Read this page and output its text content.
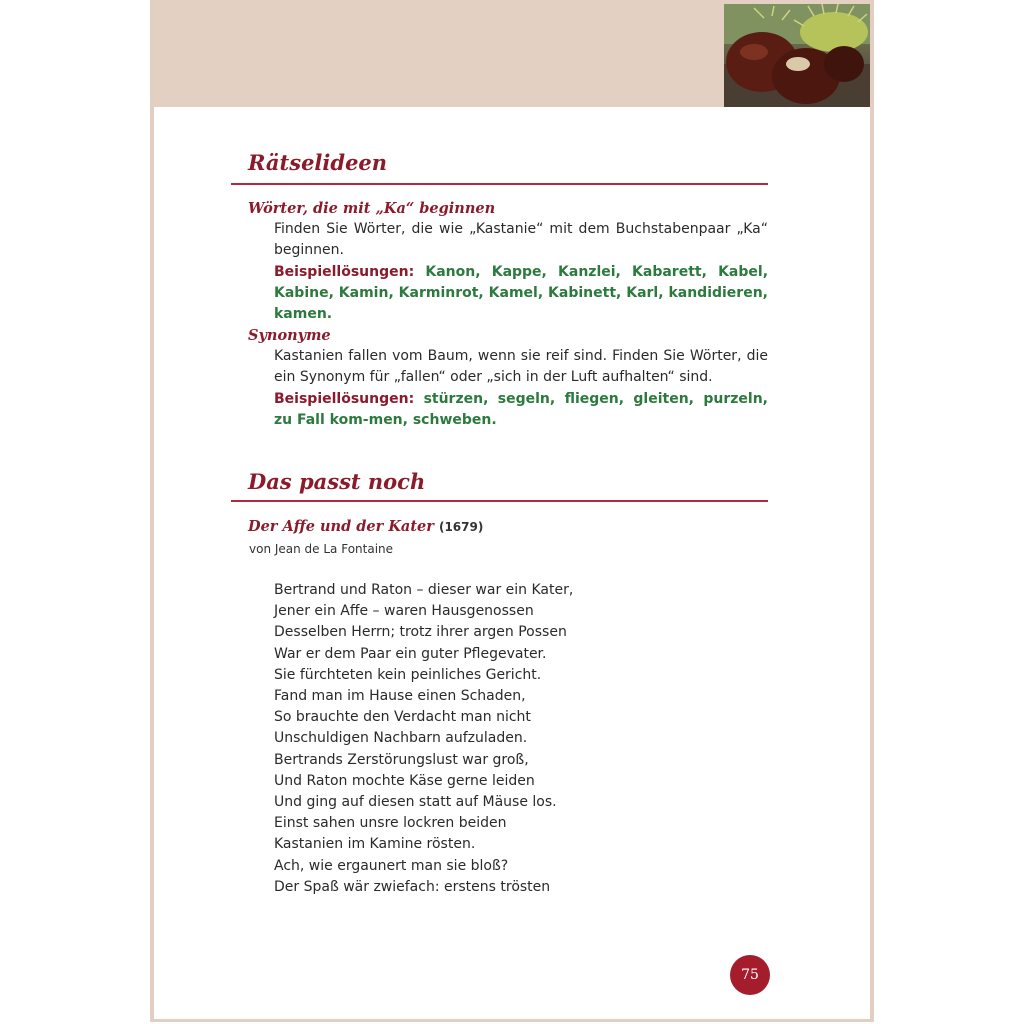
Rätselideen
Wörter, die mit „Ka“ beginnen

Finden Sie Wörter, die wie „Kastanie“ mit dem Buchstabenpaar „Ka“ beginnen.

Beispiellösungen: Kanon, Kappe, Kanzlei, Kabarett, Kabel, Kabine, Kamin, Karminrot, Kamel, Kabinett, Karl, kandidieren, kamen.

Synonyme

Kastanien fallen vom Baum, wenn sie reif sind. Finden Sie Wörter, die ein Synonym für „fallen“ oder „sich in der Luft aufhalten“ sind.

Beispiellösungen: stürzen, segeln, fliegen, gleiten, purzeln, zu Fall kom-men, schweben.

Das passt noch
Der Affe und der Kater (1679)
von Jean de La Fontaine
Bertrand und Raton – dieser war ein Kater,
Jener ein Affe – waren Hausgenossen
Desselben Herrn; trotz ihrer argen Possen
War er dem Paar ein guter Pflegevater.
Sie fürchteten kein peinliches Gericht.
Fand man im Hause einen Schaden,
So brauchte den Verdacht man nicht
Unschuldigen Nachbarn aufzuladen.
Bertrands Zerstörungslust war groß,
Und Raton mochte Käse gerne leiden
Und ging auf diesen statt auf Mäuse los.
Einst sahen unsre lockren beiden
Kastanien im Kamine rösten.
Ach, wie ergaunert man sie bloß?
Der Spaß wär zwiefach: erstens trösten
75
